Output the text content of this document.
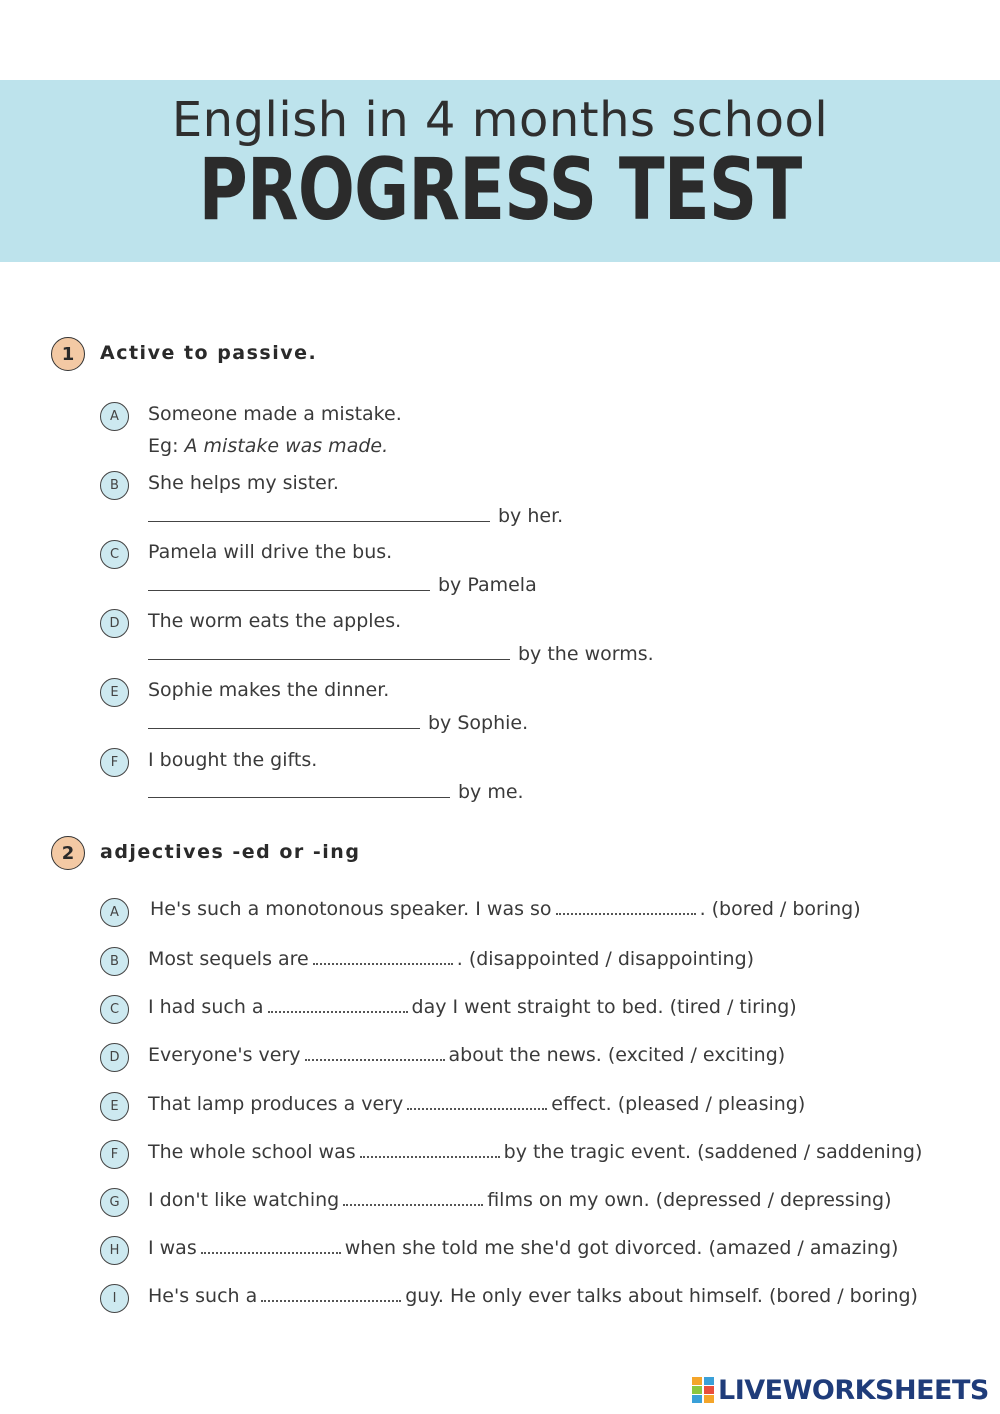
English in 4 months school
PROGRESS TEST
1	Active to passive.
A	Someone made a mistake.
Eg: A mistake was made.
B	She helps my sister.
by her.
C	Pamela will drive the bus.
by Pamela
D	The worm eats the apples.
by the worms.
E	Sophie makes the dinner.
by Sophie.
F	I bought the gifts.
by me.
2	adjectives -ed or -ing
A	He's such a monotonous speaker. I was so	. (bored / boring)
B	Most sequels are	. (disappointed / disappointing)
C	I had such a	day I went straight to bed. (tired / tiring)
D	Everyone's very	about the news. (excited / exciting)
E	That lamp produces a very	effect. (pleased / pleasing)
F	The whole school was	by the tragic event. (saddened / saddening)
G	I don't like watching	films on my own. (depressed / depressing)
H	I was	when she told me she'd got divorced. (amazed / amazing)
I	He's such a	guy. He only ever talks about himself. (bored / boring)
LIVEWORKSHEETS
